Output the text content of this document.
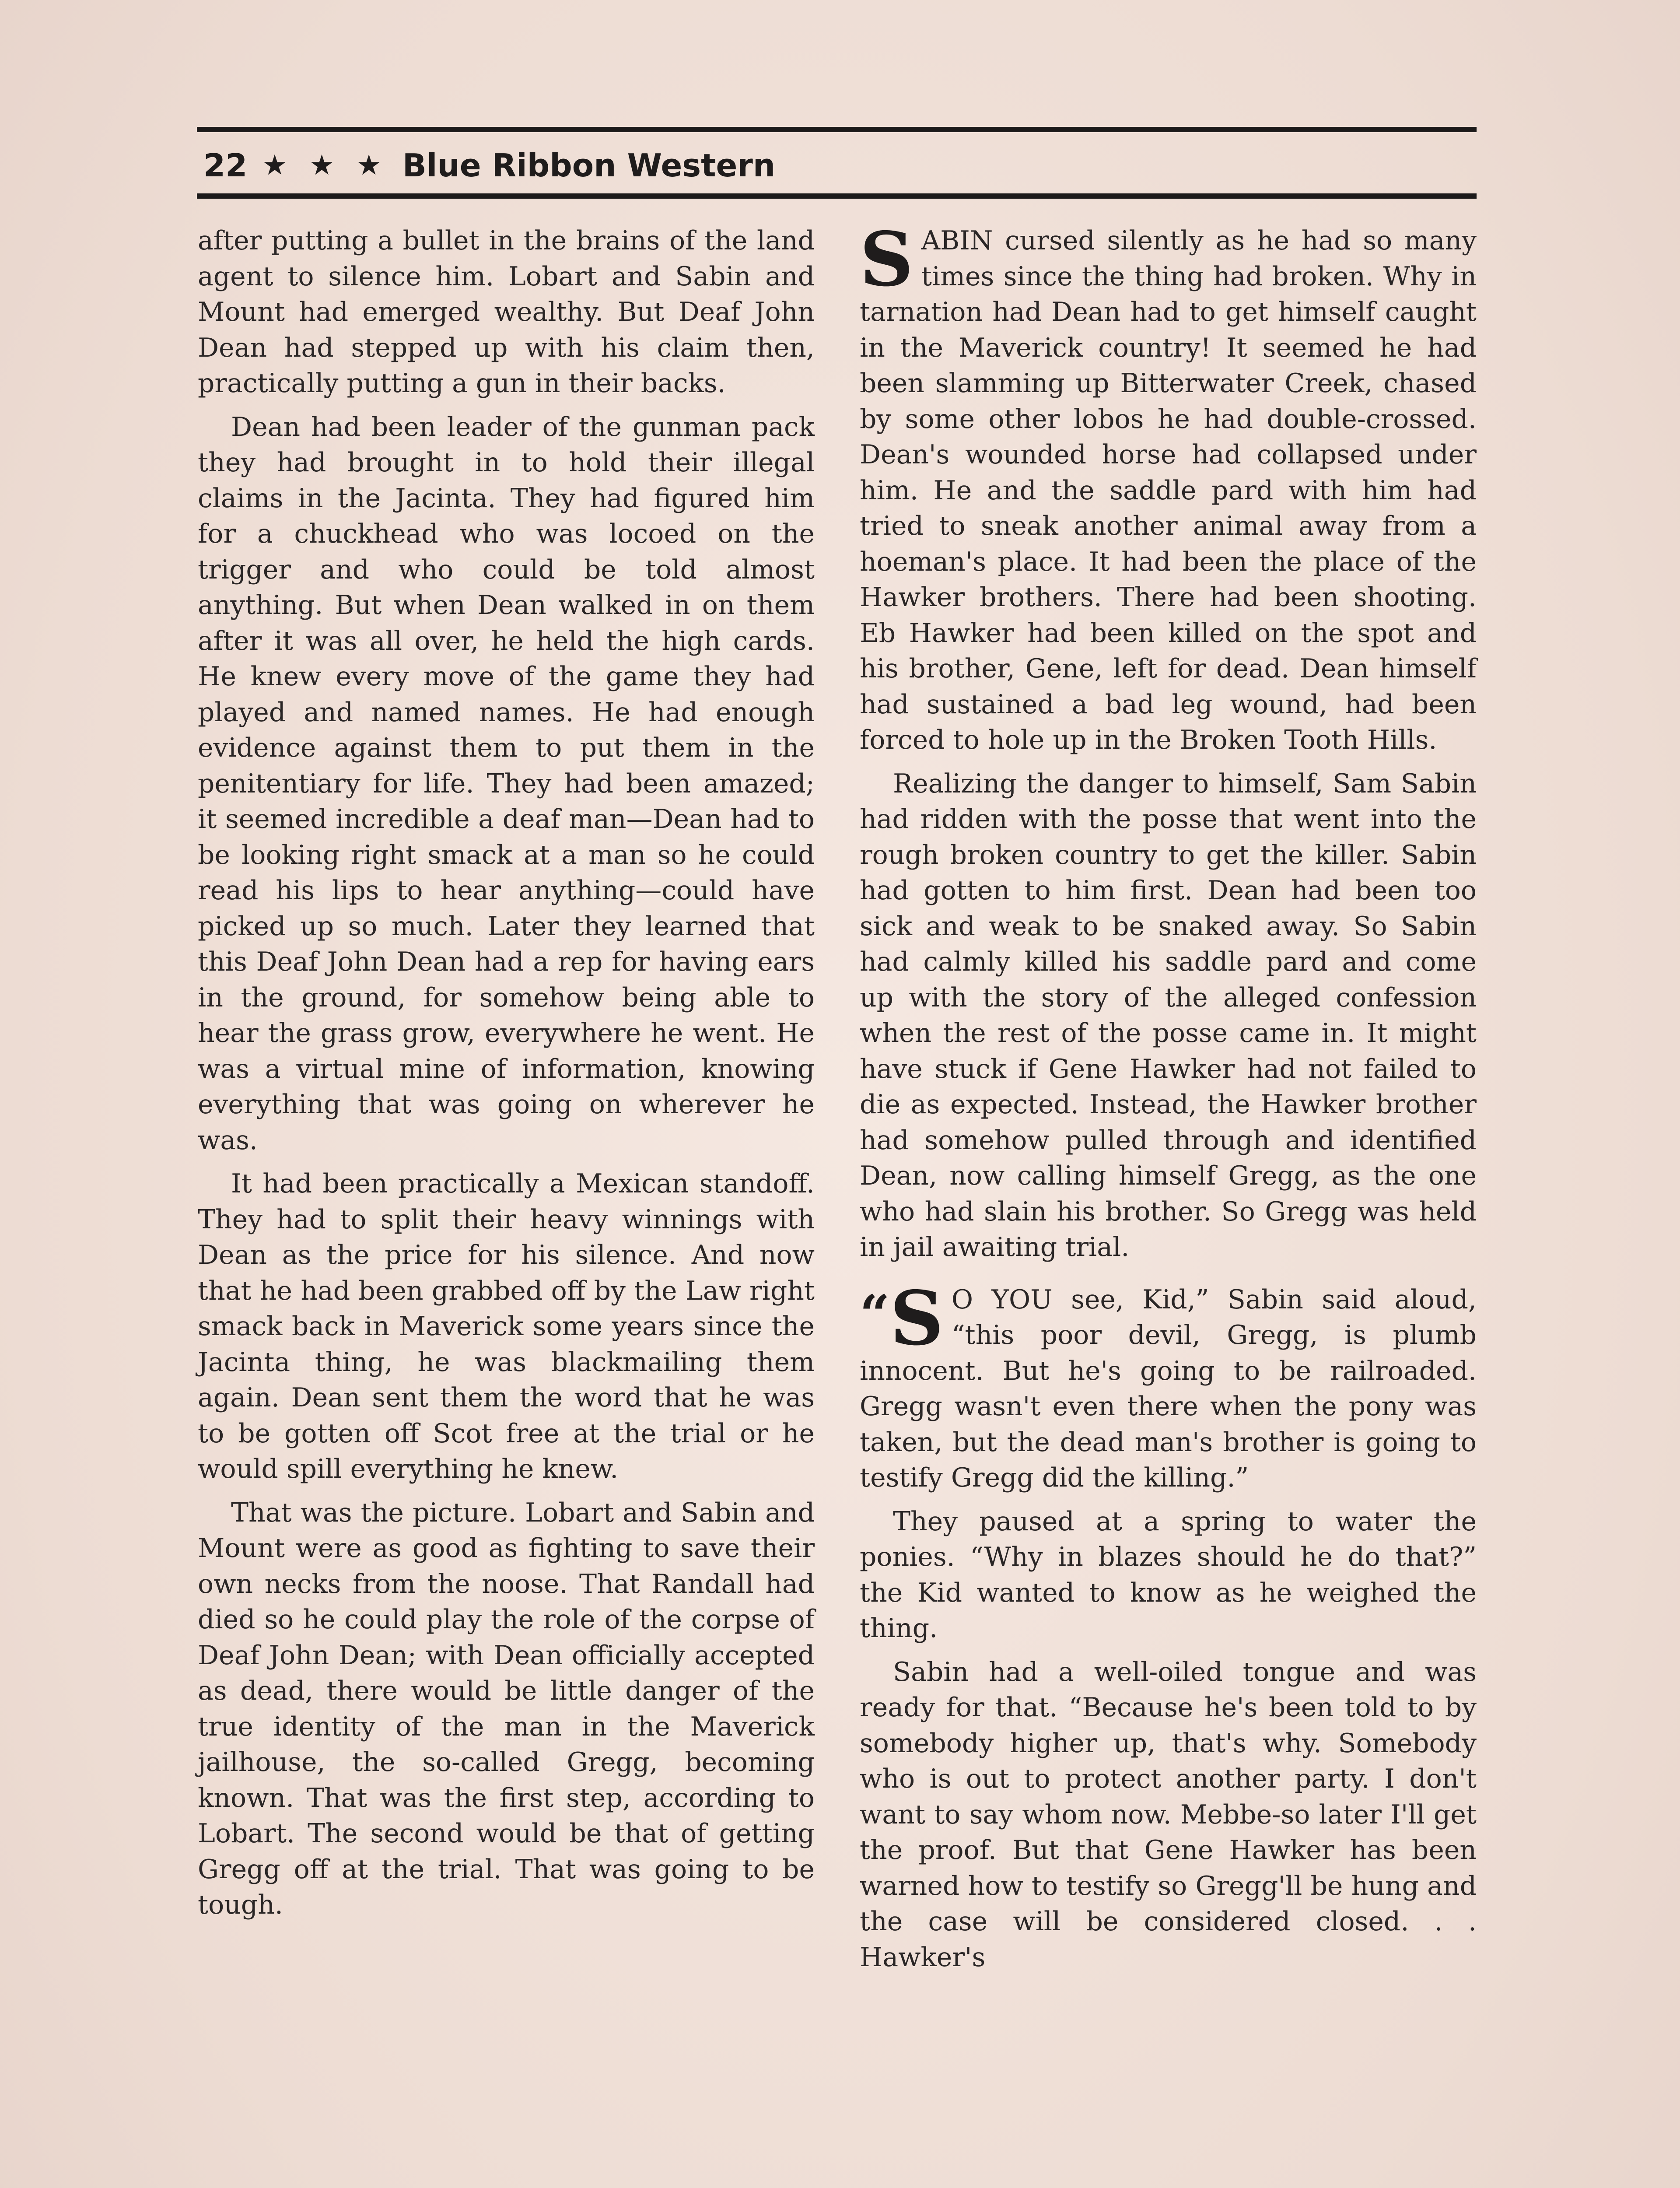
22 ★ ★ ★ Blue Ribbon Western

after putting a bullet in the brains of the land agent to silence him. Lobart and Sabin and Mount had emerged wealthy. But Deaf John Dean had stepped up with his claim then, practically putting a gun in their backs.

Dean had been leader of the gunman pack they had brought in to hold their illegal claims in the Jacinta. They had figured him for a chuckhead who was locoed on the trigger and who could be told almost anything. But when Dean walked in on them after it was all over, he held the high cards. He knew every move of the game they had played and named names. He had enough evidence against them to put them in the penitentiary for life. They had been amazed; it seemed incredible a deaf man—Dean had to be looking right smack at a man so he could read his lips to hear anything—could have picked up so much. Later they learned that this Deaf John Dean had a rep for having ears in the ground, for somehow being able to hear the grass grow, everywhere he went. He was a virtual mine of information, knowing everything that was going on wherever he was.

It had been practically a Mexican standoff. They had to split their heavy winnings with Dean as the price for his silence. And now that he had been grabbed off by the Law right smack back in Maverick some years since the Jacinta thing, he was blackmailing them again. Dean sent them the word that he was to be gotten off Scot free at the trial or he would spill everything he knew.

That was the picture. Lobart and Sabin and Mount were as good as fighting to save their own necks from the noose. That Randall had died so he could play the role of the corpse of Deaf John Dean; with Dean officially accepted as dead, there would be little danger of the true identity of the man in the Maverick jailhouse, the so-called Gregg, becoming known. That was the first step, according to Lobart. The second would be that of getting Gregg off at the trial. That was going to be tough.

SABIN cursed silently as he had so many times since the thing had broken. Why in tarnation had Dean had to get himself caught in the Maverick country! It seemed he had been slamming up Bitterwater Creek, chased by some other lobos he had double-crossed. Dean's wounded horse had collapsed under him. He and the saddle pard with him had tried to sneak another animal away from a hoeman's place. It had been the place of the Hawker brothers. There had been shooting. Eb Hawker had been killed on the spot and his brother, Gene, left for dead. Dean himself had sustained a bad leg wound, had been forced to hole up in the Broken Tooth Hills.

Realizing the danger to himself, Sam Sabin had ridden with the posse that went into the rough broken country to get the killer. Sabin had gotten to him first. Dean had been too sick and weak to be snaked away. So Sabin had calmly killed his saddle pard and come up with the story of the alleged confession when the rest of the posse came in. It might have stuck if Gene Hawker had not failed to die as expected. Instead, the Hawker brother had somehow pulled through and identified Dean, now calling himself Gregg, as the one who had slain his brother. So Gregg was held in jail awaiting trial.

“ S O YOU see, Kid,” Sabin said aloud, “this poor devil, Gregg, is plumb innocent. But he's going to be railroaded. Gregg wasn't even there when the pony was taken, but the dead man's brother is going to testify Gregg did the killing.”

They paused at a spring to water the ponies. “Why in blazes should he do that?” the Kid wanted to know as he weighed the thing.

Sabin had a well-oiled tongue and was ready for that. “Because he's been told to by somebody higher up, that's why. Somebody who is out to protect another party. I don't want to say whom now. Mebbe-so later I'll get the proof. But that Gene Hawker has been warned how to testify so Gregg'll be hung and the case will be considered closed. . . Hawker's
